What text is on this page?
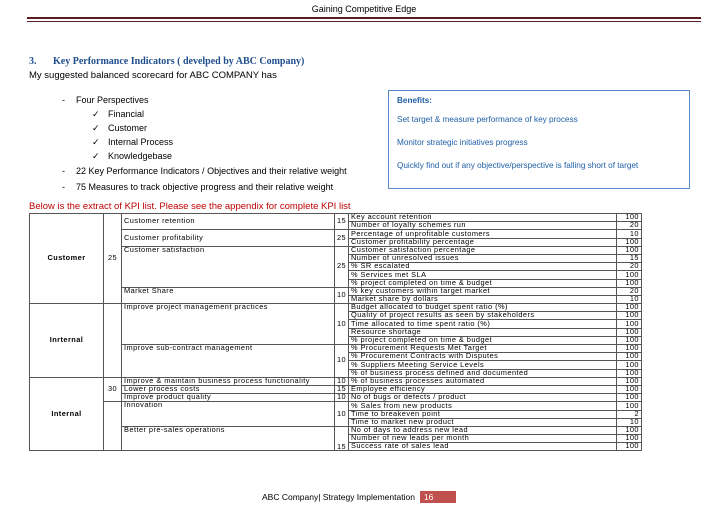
Gaining Competitive Edge
3. Key Performance Indicators ( develped by ABC Company)
My suggested balanced scorecard for ABC COMPANY has
- Four Perspectives
✓ Financial
✓ Customer
✓ Internal Process
✓ Knowledgebase
- 22 Key Performance Indicators / Objectives and their relative weight
- 75 Measures to track objective progress and their relative weight
Benefits:
Set target & measure performance of key process
Monitor strategic initiatives progress
Quickly find out if any objective/perspective is falling short of target
Below is the extract of KPI list. Please see the appendix for complete KPI list
Customer	25	Customer retention	15	Key account retention	100
				Number of loyalty schemes run	20
		Customer profitability	25	Percentage of unprofitable customers	10
				Customer profitability percentage	100
		Customer satisfaction	25	Customer satisfaction percentage	100
				Number of unresolved issues	15
				% SR escalated	20
				% Services met SLA	100
				% project completed on time & budget	100
		Market Share	10	% key customers within target market	20
				Market share by dollars	10
Inrternal		Improve project management practices	10	Budget allocated to budget spent ratio (%)	100
				Quality of project results as seen by stakeholders	100
				Time allocated to time spent ratio (%)	100
				Resource shortage	100
				% project completed on time & budget	100
		Improve sub-contract management	10	% Procurement Requests Met Target	100
				% Procurement Contracts with Disputes	100
				% Suppliers Meeting Service Levels	100
				% of business process defined and documented	100
Internal	30	Improve & maintain business process functionality	10	% of business processes automated	100
		Lower process costs	15	Employee efficiency	100
		Improve product quality	10	No of bugs or defects / product	100
		Innovation	10	% Sales from new products	100
				Time to breakeven point	2
				Time to market new product	10
		Better pre-sales operations	15	No of days to address new lead	100
				Number of new leads per month	100
				Success rate of sales lead	100
ABC Company| Strategy Implementation 16
